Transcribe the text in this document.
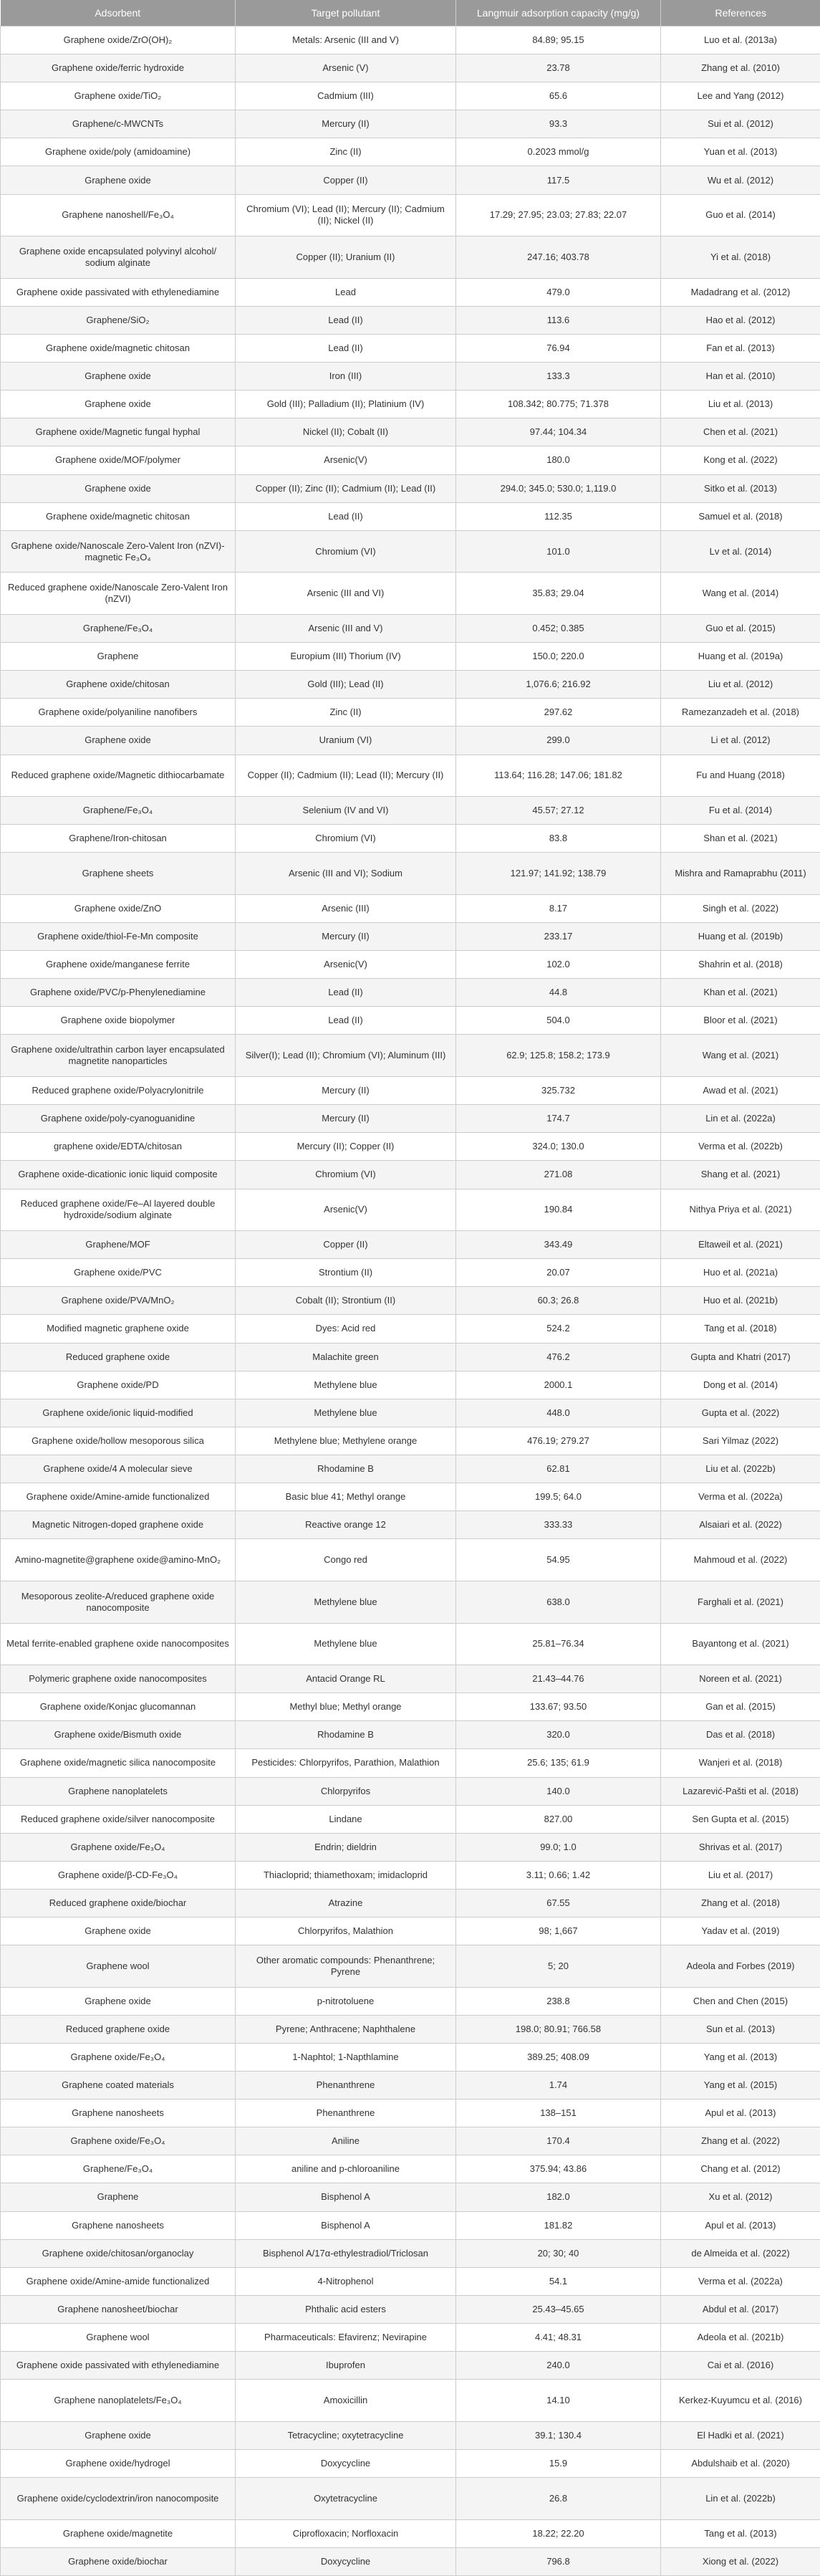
Adsorbent	Target pollutant	Langmuir adsorption capacity (mg/g)	References
Graphene oxide/ZrO(OH)₂	Metals: Arsenic (III and V)	84.89; 95.15	Luo et al. (2013a)
Graphene oxide/ferric hydroxide	Arsenic (V)	23.78	Zhang et al. (2010)
Graphene oxide/TiO₂	Cadmium (III)	65.6	Lee and Yang (2012)
Graphene/c-MWCNTs	Mercury (II)	93.3	Sui et al. (2012)
Graphene oxide/poly (amidoamine)	Zinc (II)	0.2023 mmol/g	Yuan et al. (2013)
Graphene oxide	Copper (II)	117.5	Wu et al. (2012)
Graphene nanoshell/Fe₃O₄	Chromium (VI); Lead (II); Mercury (II); Cadmium (II); Nickel (II)	17.29; 27.95; 23.03; 27.83; 22.07	Guo et al. (2014)
Graphene oxide encapsulated polyvinyl alcohol/ sodium alginate	Copper (II); Uranium (II)	247.16; 403.78	Yi et al. (2018)
Graphene oxide passivated with ethylenediamine	Lead	479.0	Madadrang et al. (2012)
Graphene/SiO₂	Lead (II)	113.6	Hao et al. (2012)
Graphene oxide/magnetic chitosan	Lead (II)	76.94	Fan et al. (2013)
Graphene oxide	Iron (III)	133.3	Han et al. (2010)
Graphene oxide	Gold (III); Palladium (II); Platinium (IV)	108.342; 80.775; 71.378	Liu et al. (2013)
Graphene oxide/Magnetic fungal hyphal	Nickel (II); Cobalt (II)	97.44; 104.34	Chen et al. (2021)
Graphene oxide/MOF/polymer	Arsenic(V)	180.0	Kong et al. (2022)
Graphene oxide	Copper (II); Zinc (II); Cadmium (II); Lead (II)	294.0; 345.0; 530.0; 1,119.0	Sitko et al. (2013)
Graphene oxide/magnetic chitosan	Lead (II)	112.35	Samuel et al. (2018)
Graphene oxide/Nanoscale Zero-Valent Iron (nZVI)-magnetic Fe₃O₄	Chromium (VI)	101.0	Lv et al. (2014)
Reduced graphene oxide/Nanoscale Zero-Valent Iron (nZVI)	Arsenic (III and VI)	35.83; 29.04	Wang et al. (2014)
Graphene/Fe₃O₄	Arsenic (III and V)	0.452; 0.385	Guo et al. (2015)
Graphene	Europium (III) Thorium (IV)	150.0; 220.0	Huang et al. (2019a)
Graphene oxide/chitosan	Gold (III); Lead (II)	1,076.6; 216.92	Liu et al. (2012)
Graphene oxide/polyaniline nanofibers	Zinc (II)	297.62	Ramezanzadeh et al. (2018)
Graphene oxide	Uranium (VI)	299.0	Li et al. (2012)
Reduced graphene oxide/Magnetic dithiocarbamate	Copper (II); Cadmium (II); Lead (II); Mercury (II)	113.64; 116.28; 147.06; 181.82	Fu and Huang (2018)
Graphene/Fe₃O₄	Selenium (IV and VI)	45.57; 27.12	Fu et al. (2014)
Graphene/Iron-chitosan	Chromium (VI)	83.8	Shan et al. (2021)
Graphene sheets	Arsenic (III and VI); Sodium	121.97; 141.92; 138.79	Mishra and Ramaprabhu (2011)
Graphene oxide/ZnO	Arsenic (III)	8.17	Singh et al. (2022)
Graphene oxide/thiol-Fe-Mn composite	Mercury (II)	233.17	Huang et al. (2019b)
Graphene oxide/manganese ferrite	Arsenic(V)	102.0	Shahrin et al. (2018)
Graphene oxide/PVC/p-Phenylenediamine	Lead (II)	44.8	Khan et al. (2021)
Graphene oxide biopolymer	Lead (II)	504.0	Bloor et al. (2021)
Graphene oxide/ultrathin carbon layer encapsulated magnetite nanoparticles	Silver(I); Lead (II); Chromium (VI); Aluminum (III)	62.9; 125.8; 158.2; 173.9	Wang et al. (2021)
Reduced graphene oxide/Polyacrylonitrile	Mercury (II)	325.732	Awad et al. (2021)
Graphene oxide/poly-cyanoguanidine	Mercury (II)	174.7	Lin et al. (2022a)
graphene oxide/EDTA/chitosan	Mercury (II); Copper (II)	324.0; 130.0	Verma et al. (2022b)
Graphene oxide-dicationic ionic liquid composite	Chromium (VI)	271.08	Shang et al. (2021)
Reduced graphene oxide/Fe–Al layered double hydroxide/sodium alginate	Arsenic(V)	190.84	Nithya Priya et al. (2021)
Graphene/MOF	Copper (II)	343.49	Eltaweil et al. (2021)
Graphene oxide/PVC	Strontium (II)	20.07	Huo et al. (2021a)
Graphene oxide/PVA/MnO₂	Cobalt (II); Strontium (II)	60.3; 26.8	Huo et al. (2021b)
Modified magnetic graphene oxide	Dyes: Acid red	524.2	Tang et al. (2018)
Reduced graphene oxide	Malachite green	476.2	Gupta and Khatri (2017)
Graphene oxide/PD	Methylene blue	2000.1	Dong et al. (2014)
Graphene oxide/ionic liquid-modified	Methylene blue	448.0	Gupta et al. (2022)
Graphene oxide/hollow mesoporous silica	Methylene blue; Methylene orange	476.19; 279.27	Sari Yilmaz (2022)
Graphene oxide/4 A molecular sieve	Rhodamine B	62.81	Liu et al. (2022b)
Graphene oxide/Amine-amide functionalized	Basic blue 41; Methyl orange	199.5; 64.0	Verma et al. (2022a)
Magnetic Nitrogen-doped graphene oxide	Reactive orange 12	333.33	Alsaiari et al. (2022)
Amino-magnetite@graphene oxide@amino-MnO₂	Congo red	54.95	Mahmoud et al. (2022)
Mesoporous zeolite-A/reduced graphene oxide nanocomposite	Methylene blue	638.0	Farghali et al. (2021)
Metal ferrite-enabled graphene oxide nanocomposites	Methylene blue	25.81–76.34	Bayantong et al. (2021)
Polymeric graphene oxide nanocomposites	Antacid Orange RL	21.43–44.76	Noreen et al. (2021)
Graphene oxide/Konjac glucomannan	Methyl blue; Methyl orange	133.67; 93.50	Gan et al. (2015)
Graphene oxide/Bismuth oxide	Rhodamine B	320.0	Das et al. (2018)
Graphene oxide/magnetic silica nanocomposite	Pesticides: Chlorpyrifos, Parathion, Malathion	25.6; 135; 61.9	Wanjeri et al. (2018)
Graphene nanoplatelets	Chlorpyrifos	140.0	Lazarević-Pašti et al. (2018)
Reduced graphene oxide/silver nanocomposite	Lindane	827.00	Sen Gupta et al. (2015)
Graphene oxide/Fe₃O₄	Endrin; dieldrin	99.0; 1.0	Shrivas et al. (2017)
Graphene oxide/β-CD-Fe₃O₄	Thiacloprid; thiamethoxam; imidacloprid	3.11; 0.66; 1.42	Liu et al. (2017)
Reduced graphene oxide/biochar	Atrazine	67.55	Zhang et al. (2018)
Graphene oxide	Chlorpyrifos, Malathion	98; 1,667	Yadav et al. (2019)
Graphene wool	Other aromatic compounds: Phenanthrene; Pyrene	5; 20	Adeola and Forbes (2019)
Graphene oxide	p-nitrotoluene	238.8	Chen and Chen (2015)
Reduced graphene oxide	Pyrene; Anthracene; Naphthalene	198.0; 80.91; 766.58	Sun et al. (2013)
Graphene oxide/Fe₃O₄	1-Naphtol; 1-Napthlamine	389.25; 408.09	Yang et al. (2013)
Graphene coated materials	Phenanthrene	1.74	Yang et al. (2015)
Graphene nanosheets	Phenanthrene	138–151	Apul et al. (2013)
Graphene oxide/Fe₃O₄	Aniline	170.4	Zhang et al. (2022)
Graphene/Fe₃O₄	aniline and p-chloroaniline	375.94; 43.86	Chang et al. (2012)
Graphene	Bisphenol A	182.0	Xu et al. (2012)
Graphene nanosheets	Bisphenol A	181.82	Apul et al. (2013)
Graphene oxide/chitosan/organoclay	Bisphenol A/17α-ethylestradiol/Triclosan	20; 30; 40	de Almeida et al. (2022)
Graphene oxide/Amine-amide functionalized	4-Nitrophenol	54.1	Verma et al. (2022a)
Graphene nanosheet/biochar	Phthalic acid esters	25.43–45.65	Abdul et al. (2017)
Graphene wool	Pharmaceuticals: Efavirenz; Nevirapine	4.41; 48.31	Adeola et al. (2021b)
Graphene oxide passivated with ethylenediamine	Ibuprofen	240.0	Cai et al. (2016)
Graphene nanoplatelets/Fe₃O₄	Amoxicillin	14.10	Kerkez-Kuyumcu et al. (2016)
Graphene oxide	Tetracycline; oxytetracycline	39.1; 130.4	El Hadki et al. (2021)
Graphene oxide/hydrogel	Doxycycline	15.9	Abdulshaib et al. (2020)
Graphene oxide/cyclodextrin/iron nanocomposite	Oxytetracycline	26.8	Lin et al. (2022b)
Graphene oxide/magnetite	Ciprofloxacin; Norfloxacin	18.22; 22.20	Tang et al. (2013)
Graphene oxide/biochar	Doxycycline	796.8	Xiong et al. (2022)
